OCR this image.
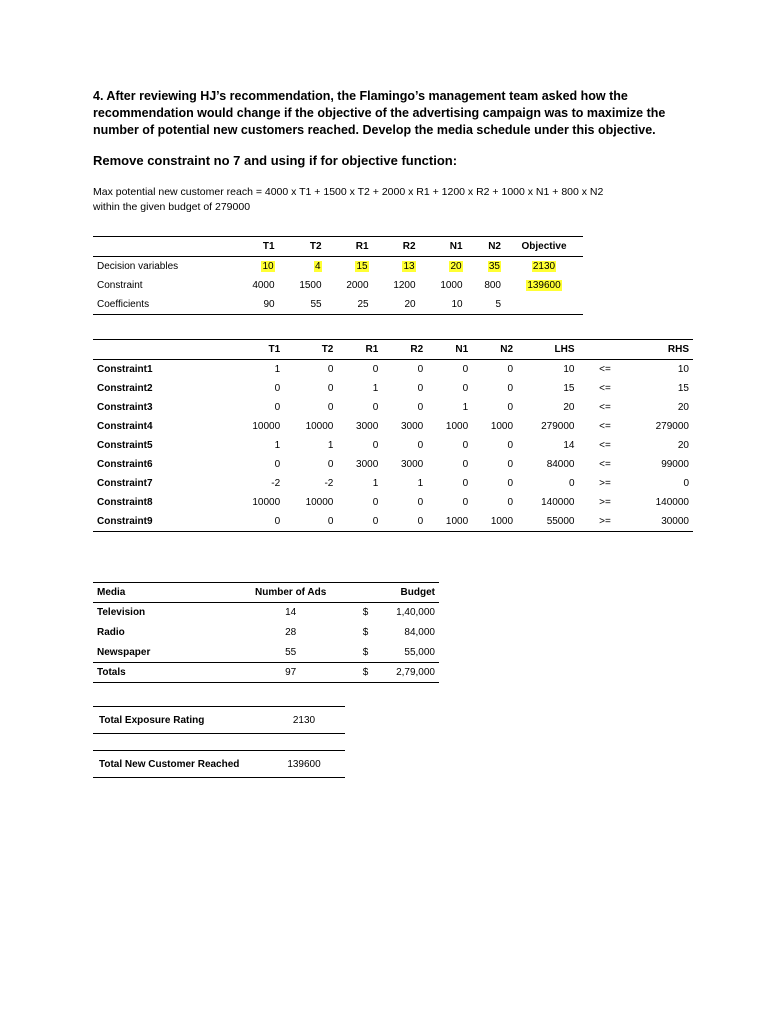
4. After reviewing HJ’s recommendation, the Flamingo’s management team asked how the recommendation would change if the objective of the advertising campaign was to maximize the number of potential new customers reached. Develop the media schedule under this objective.
Remove constraint no 7 and using if for objective function:
Max potential new customer reach = 4000 x T1 + 1500 x T2 + 2000 x R1 + 1200 x R2 + 1000 x N1 + 800 x N2
within the given budget of 279000
	T1	T2	R1	R2	N1	N2	Objective
Decision variables	10	4	15	13	20	35	2130
Constraint	4000	1500	2000	1200	1000	800	139600
Coefficients	90	55	25	20	10	5	
	T1	T2	R1	R2	N1	N2	LHS		RHS
Constraint1	1	0	0	0	0	0	10	<=	10
Constraint2	0	0	1	0	0	0	15	<=	15
Constraint3	0	0	0	0	1	0	20	<=	20
Constraint4	10000	10000	3000	3000	1000	1000	279000	<=	279000
Constraint5	1	1	0	0	0	0	14	<=	20
Constraint6	0	0	3000	3000	0	0	84000	<=	99000
Constraint7	-2	-2	1	1	0	0	0	>=	0
Constraint8	10000	10000	0	0	0	0	140000	>=	140000
Constraint9	0	0	0	0	1000	1000	55000	>=	30000
Media	Number of Ads	Budget	
Television	14	$	1,40,000
Radio	28	$	84,000
Newspaper	55	$	55,000
Totals	97	$	2,79,000
Total Exposure Rating	2130
Total New Customer Reached	139600
